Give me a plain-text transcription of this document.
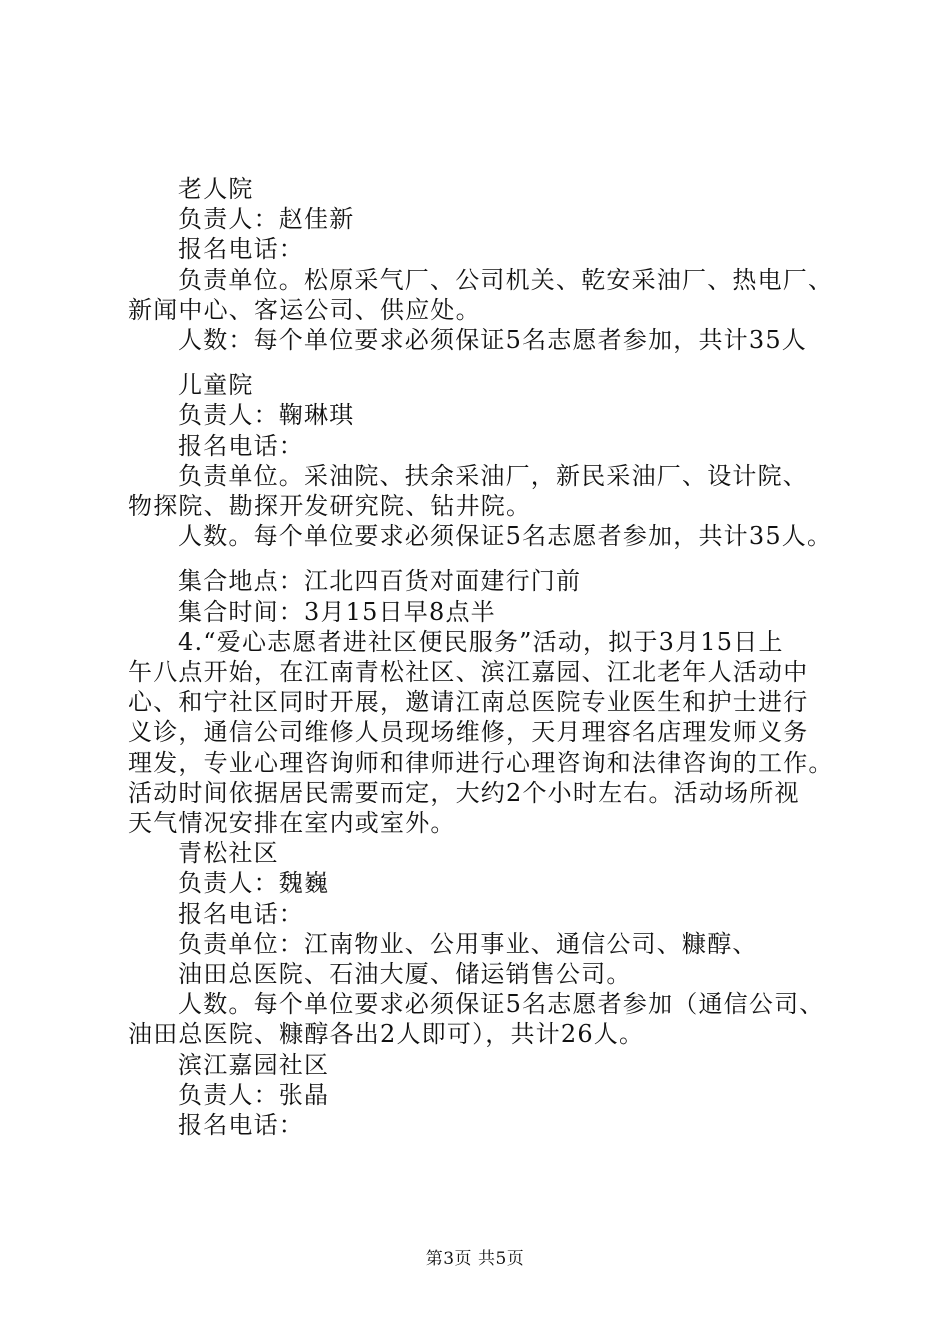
老人院
负责人：赵佳新
报名电话：
负责单位。松原采气厂、公司机关、乾安采油厂、热电厂、
新闻中心、客运公司、供应处。
人数：每个单位要求必须保证5名志愿者参加，共计35人
儿童院
负责人：鞠琳琪
报名电话：
负责单位。采油院、扶余采油厂，新民采油厂、设计院、
物探院、勘探开发研究院、钻井院。
人数。每个单位要求必须保证5名志愿者参加，共计35人。
集合地点：江北四百货对面建行门前
集合时间：3月15日早8点半
4.“爱心志愿者进社区便民服务”活动，拟于3月15日上
午八点开始，在江南青松社区、滨江嘉园、江北老年人活动中
心、和宁社区同时开展，邀请江南总医院专业医生和护士进行
义诊，通信公司维修人员现场维修，天月理容名店理发师义务
理发，专业心理咨询师和律师进行心理咨询和法律咨询的工作。
活动时间依据居民需要而定，大约2个小时左右。活动场所视
天气情况安排在室内或室外。
青松社区
负责人：魏巍
报名电话：
负责单位：江南物业、公用事业、通信公司、糠醇、
油田总医院、石油大厦、储运销售公司。
人数。每个单位要求必须保证5名志愿者参加（通信公司、
油田总医院、糠醇各出2人即可），共计26人。
滨江嘉园社区
负责人：张晶
报名电话：
第3页 共5页
